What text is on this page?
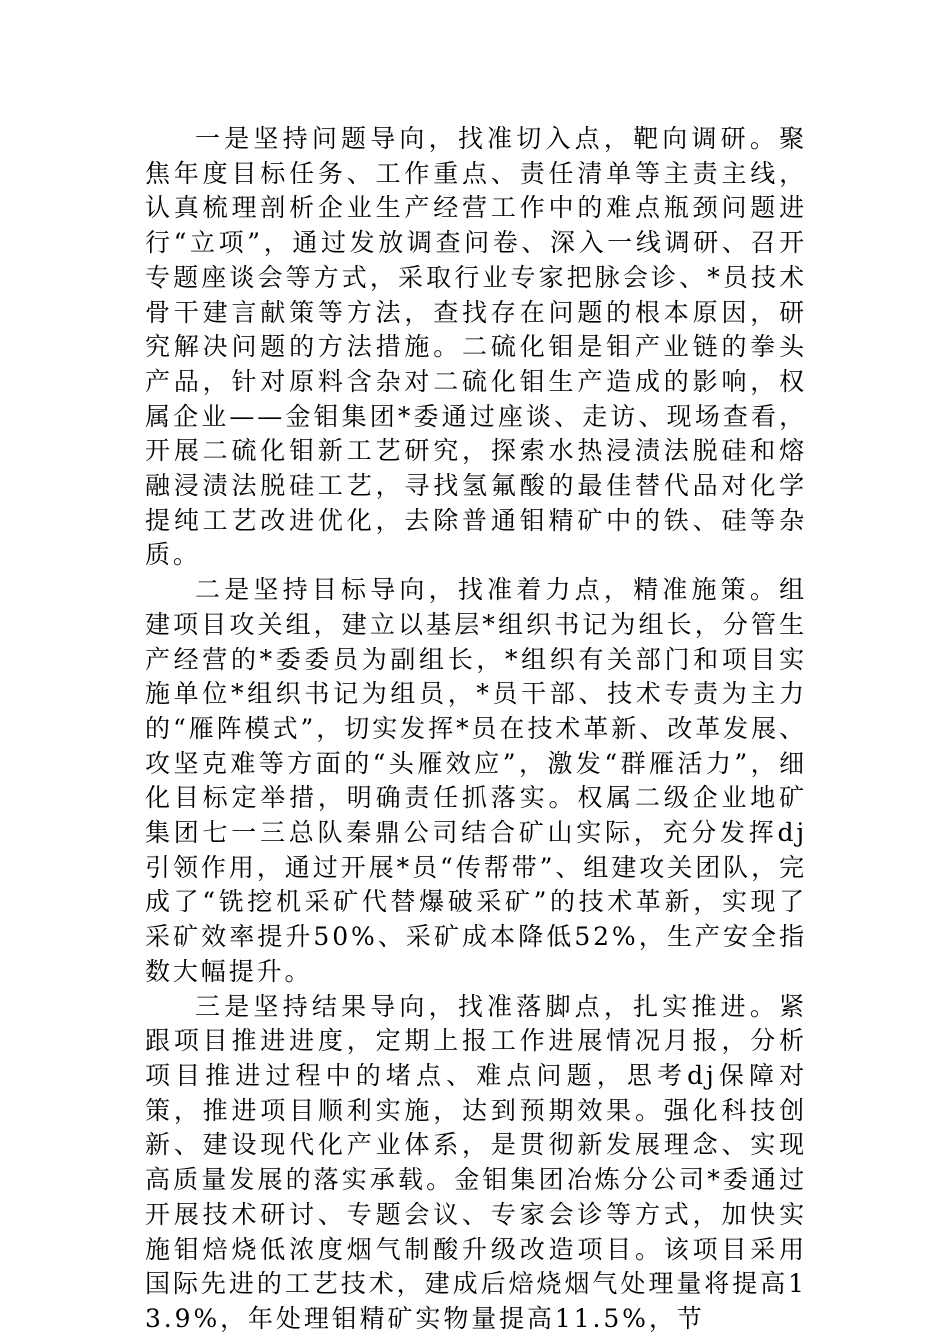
一是坚持问题导向，找准切入点，靶向调研。聚焦年度目标任务、工作重点、责任清单等主责主线，认真梳理剖析企业生产经营工作中的难点瓶颈问题进行“立项”，通过发放调查问卷、深入一线调研、召开专题座谈会等方式，采取行业专家把脉会诊、*员技术骨干建言献策等方法，查找存在问题的根本原因，研究解决问题的方法措施。二硫化钼是钼产业链的拳头产品，针对原料含杂对二硫化钼生产造成的影响，权属企业——金钼集团*委通过座谈、走访、现场查看，开展二硫化钼新工艺研究，探索水热浸渍法脱硅和熔融浸渍法脱硅工艺，寻找氢氟酸的最佳替代品对化学提纯工艺改进优化，去除普通钼精矿中的铁、硅等杂质。

二是坚持目标导向，找准着力点，精准施策。组建项目攻关组，建立以基层*组织书记为组长，分管生产经营的*委委员为副组长，*组织有关部门和项目实施单位*组织书记为组员，*员干部、技术专责为主力的“雁阵模式”，切实发挥*员在技术革新、改革发展、攻坚克难等方面的“头雁效应”，激发“群雁活力”，细化目标定举措，明确责任抓落实。权属二级企业地矿集团七一三总队秦鼎公司结合矿山实际，充分发挥dj引领作用，通过开展*员“传帮带”、组建攻关团队，完成了“铣挖机采矿代替爆破采矿”的技术革新，实现了采矿效率提升50%、采矿成本降低52%，生产安全指数大幅提升。

三是坚持结果导向，找准落脚点，扎实推进。紧跟项目推进进度，定期上报工作进展情况月报，分析项目推进过程中的堵点、难点问题，思考dj保障对策，推进项目顺利实施，达到预期效果。强化科技创新、建设现代化产业体系，是贯彻新发展理念、实现高质量发展的落实承载。金钼集团冶炼分公司*委通过开展技术研讨、专题会议、专家会诊等方式，加快实施钼焙烧低浓度烟气制酸升级改造项目。该项目采用国际先进的工艺技术，建成后焙烧烟气处理量将提高13.9%，年处理钼精矿实物量提高11.5%，节
